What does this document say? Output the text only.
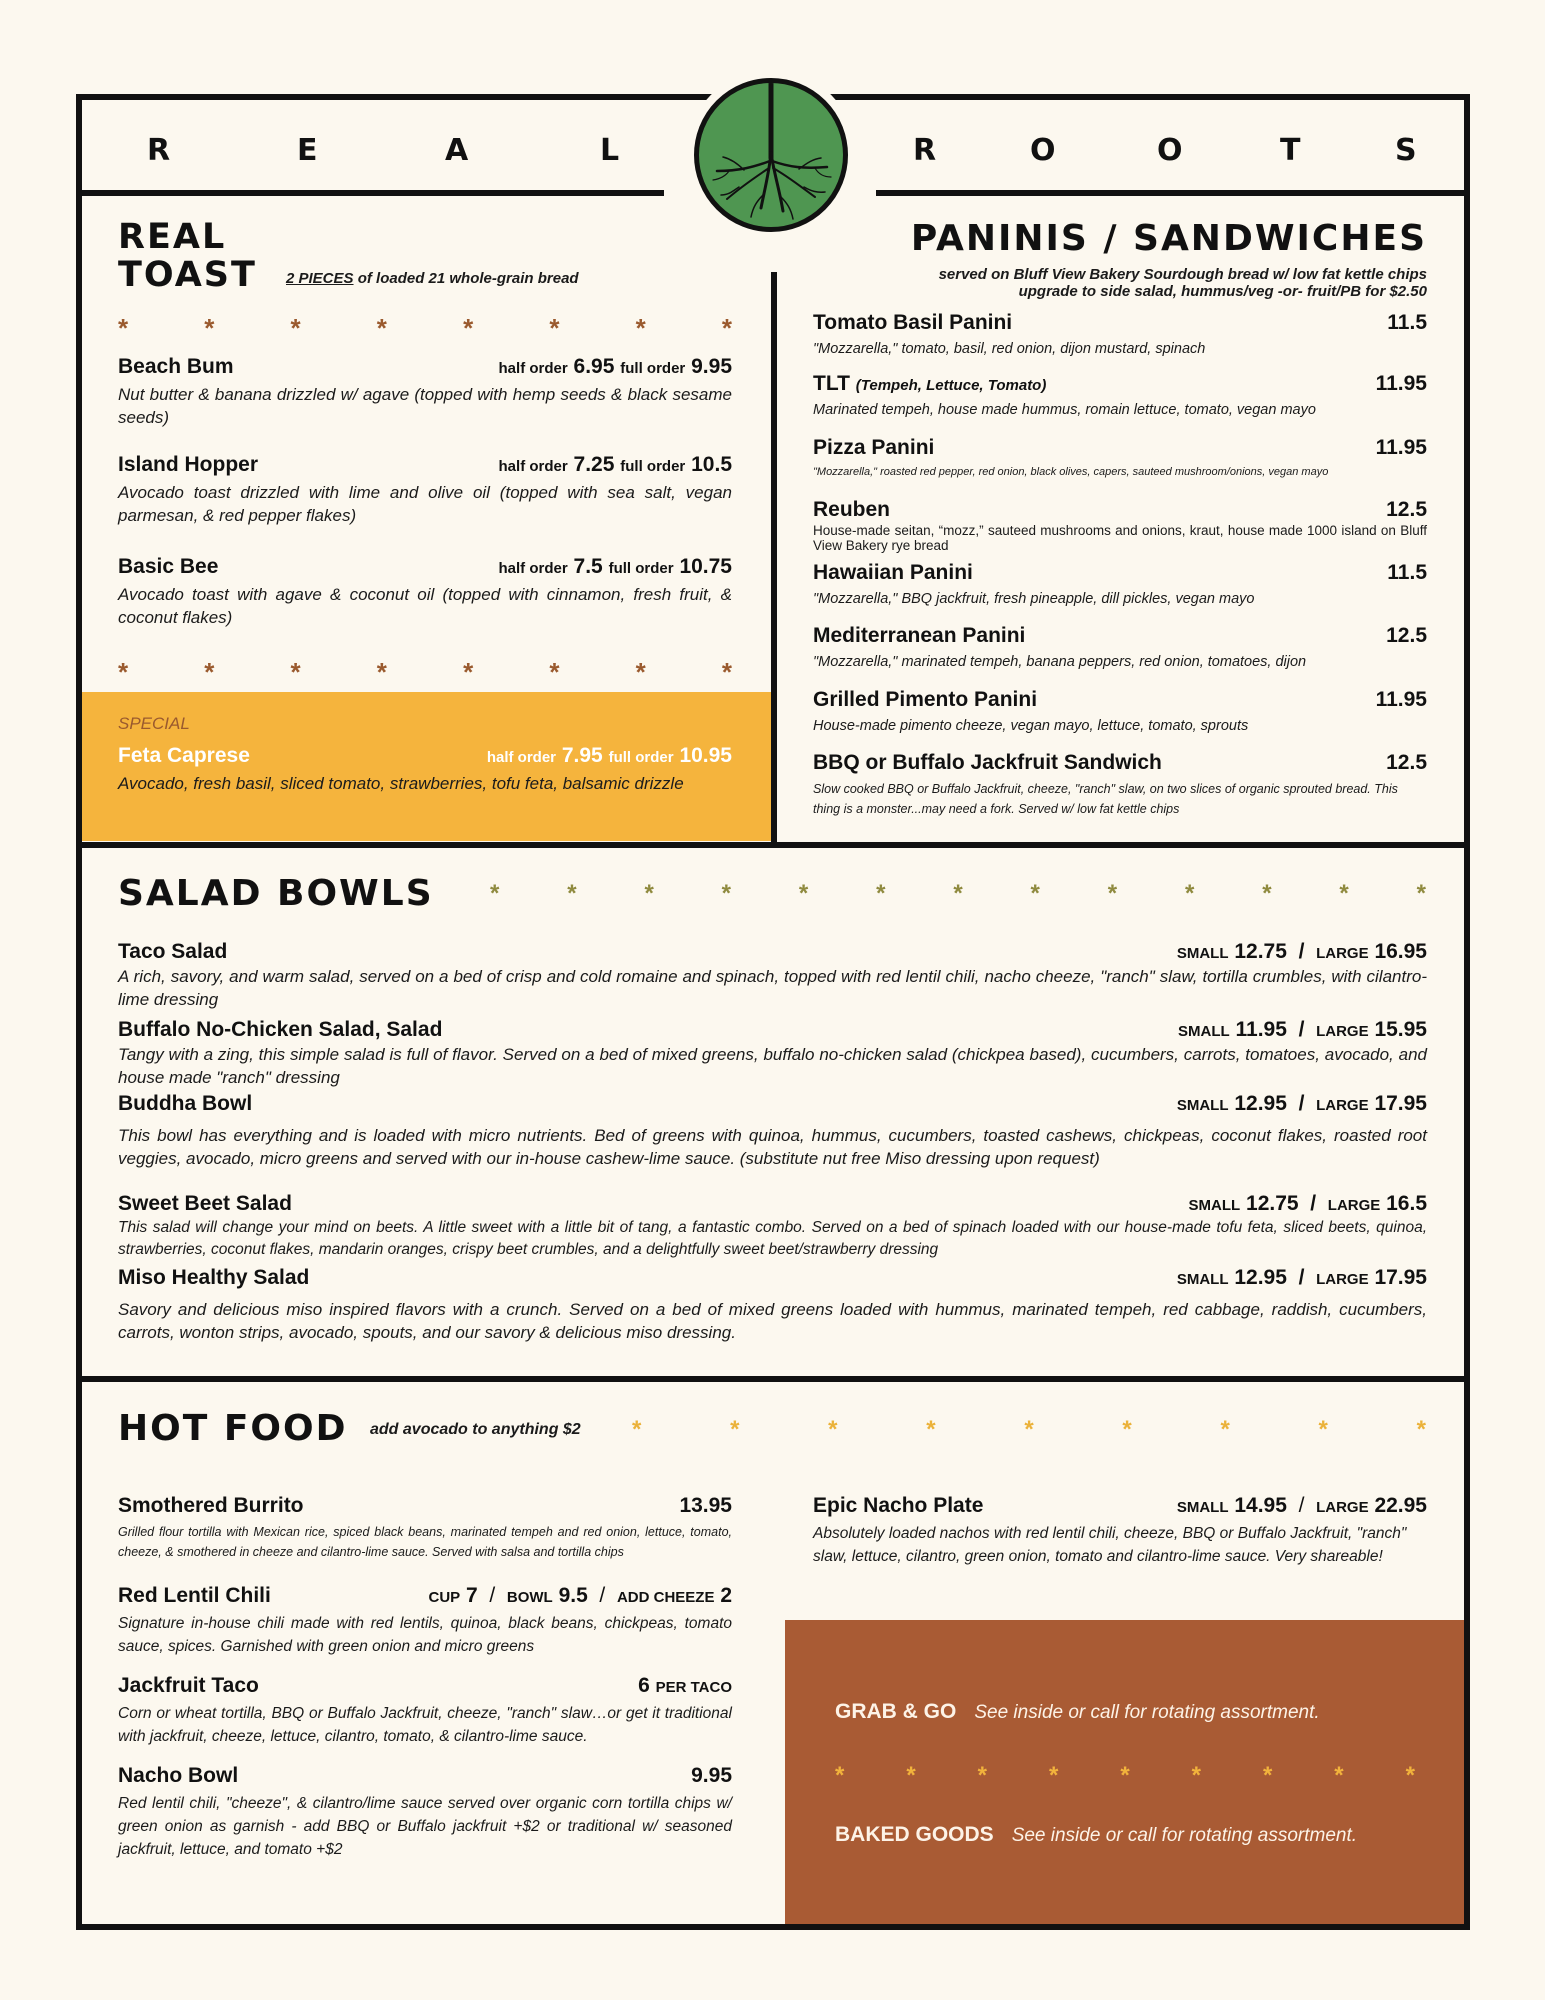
R	E	A	L	R	O	O	T	S
REAL
TOAST 2 PIECES of loaded 21 whole-grain bread
*	*	*	*	*	*	*	*
Beach Bum	half order 6.95 full order 9.95
Nut butter & banana drizzled w/ agave (topped with hemp seeds & black sesame seeds)
Island Hopper	half order 7.25 full order 10.5
Avocado toast drizzled with lime and olive oil (topped with sea salt, vegan parmesan, & red pepper flakes)
Basic Bee	half order 7.5 full order 10.75
Avocado toast with agave & coconut oil (topped with cinnamon, fresh fruit, & coconut flakes)
*	*	*	*	*	*	*	*
SPECIAL
Feta Caprese	half order 7.95 full order 10.95
Avocado, fresh basil, sliced tomato, strawberries, tofu feta, balsamic drizzle
PANINIS / SANDWICHES
served on Bluff View Bakery Sourdough bread w/ low fat kettle chips
upgrade to side salad, hummus/veg -or- fruit/PB for $2.50
Tomato Basil Panini	11.5
"Mozzarella," tomato, basil, red onion, dijon mustard, spinach
TLT (Tempeh, Lettuce, Tomato)	11.95
Marinated tempeh, house made hummus, romain lettuce, tomato, vegan mayo
Pizza Panini	11.95
"Mozzarella," roasted red pepper, red onion, black olives, capers, sauteed mushroom/onions, vegan mayo
Reuben	12.5
House-made seitan, “mozz,” sauteed mushrooms and onions, kraut, house made 1000 island on Bluff View Bakery rye bread
Hawaiian Panini	11.5
"Mozzarella," BBQ jackfruit, fresh pineapple, dill pickles, vegan mayo
Mediterranean Panini	12.5
"Mozzarella," marinated tempeh, banana peppers, red onion, tomatoes, dijon
Grilled Pimento Panini	11.95
House-made pimento cheeze, vegan mayo, lettuce, tomato, sprouts
BBQ or Buffalo Jackfruit Sandwich	12.5
Slow cooked BBQ or Buffalo Jackfruit, cheeze, "ranch" slaw, on two slices of organic sprouted bread. This thing is a monster...may need a fork. Served w/ low fat kettle chips
SALAD BOWLS *	*	*	*	*	*	*	*	*	*	*	*	*
Taco Salad	SMALL 12.75 / LARGE 16.95
A rich, savory, and warm salad, served on a bed of crisp and cold romaine and spinach, topped with red lentil chili, nacho cheeze, "ranch" slaw, tortilla crumbles, with cilantro-lime dressing
Buffalo No-Chicken Salad, Salad	SMALL 11.95 / LARGE 15.95
Tangy with a zing, this simple salad is full of flavor. Served on a bed of mixed greens, buffalo no-chicken salad (chickpea based), cucumbers, carrots, tomatoes, avocado, and house made "ranch" dressing
Buddha Bowl	SMALL 12.95 / LARGE 17.95
This bowl has everything and is loaded with micro nutrients. Bed of greens with quinoa, hummus, cucumbers, toasted cashews, chickpeas, coconut flakes, roasted root veggies, avocado, micro greens and served with our in-house cashew-lime sauce. (substitute nut free Miso dressing upon request)
Sweet Beet Salad	SMALL 12.75 / LARGE 16.5
This salad will change your mind on beets. A little sweet with a little bit of tang, a fantastic combo. Served on a bed of spinach loaded with our house-made tofu feta, sliced beets, quinoa, strawberries, coconut flakes, mandarin oranges, crispy beet crumbles, and a delightfully sweet beet/strawberry dressing
Miso Healthy Salad	SMALL 12.95 / LARGE 17.95
Savory and delicious miso inspired flavors with a crunch. Served on a bed of mixed greens loaded with hummus, marinated tempeh, red cabbage, raddish, cucumbers, carrots, wonton strips, avocado, spouts, and our savory & delicious miso dressing.
HOT FOOD add avocado to anything $2 *	*	*	*	*	*	*	*	*
Smothered Burrito	13.95
Grilled flour tortilla with Mexican rice, spiced black beans, marinated tempeh and red onion, lettuce, tomato, cheeze, & smothered in cheeze and cilantro-lime sauce. Served with salsa and tortilla chips
Red Lentil Chili	CUP 7  /  BOWL 9.5  /  ADD CHEEZE 2
Signature in-house chili made with red lentils, quinoa, black beans, chickpeas, tomato sauce, spices. Garnished with green onion and micro greens
Jackfruit Taco	6 PER TACO
Corn or wheat tortilla, BBQ or Buffalo Jackfruit, cheeze, "ranch" slaw…or get it traditional with jackfruit, cheeze, lettuce, cilantro, tomato, & cilantro-lime sauce.
Nacho Bowl	9.95
Red lentil chili, "cheeze", & cilantro/lime sauce served over organic corn tortilla chips w/ green onion as garnish - add BBQ or Buffalo jackfruit +$2 or traditional w/ seasoned jackfruit, lettuce, and tomato +$2
Epic Nacho Plate	SMALL 14.95  /  LARGE 22.95
Absolutely loaded nachos with red lentil chili, cheeze, BBQ or Buffalo Jackfruit, "ranch" slaw, lettuce, cilantro, green onion, tomato and cilantro-lime sauce. Very shareable!
GRAB & GO See inside or call for rotating assortment.
*	*	*	*	*	*	*	*	*
BAKED GOODS See inside or call for rotating assortment.
